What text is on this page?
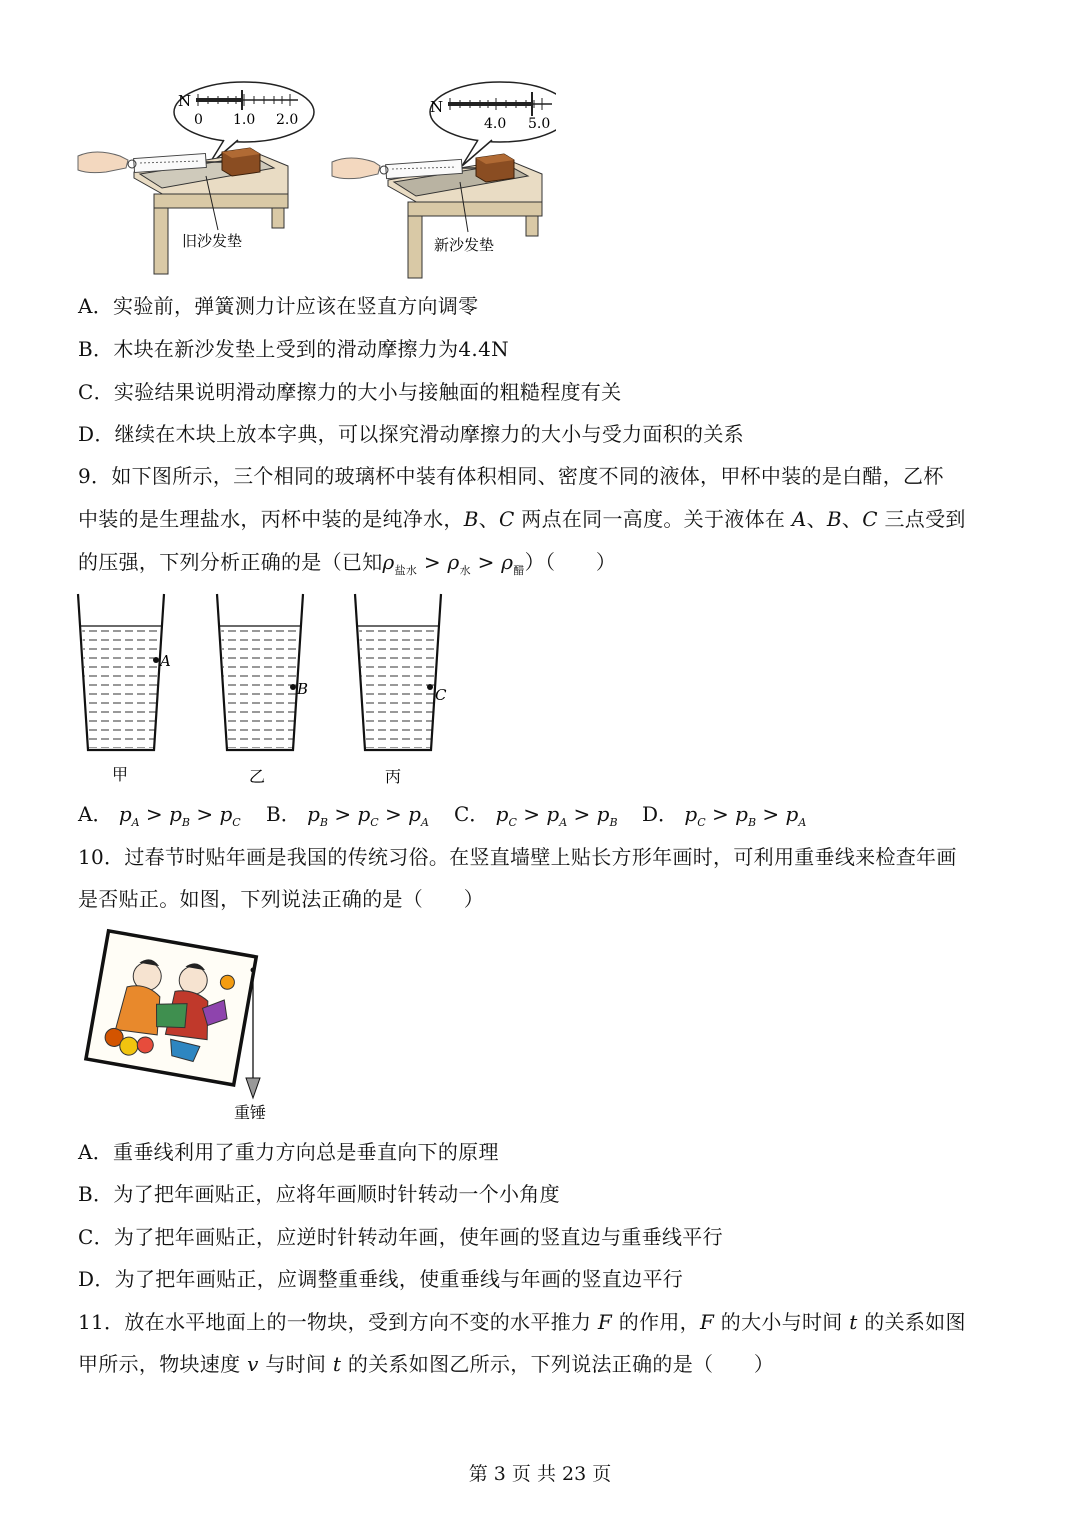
N
0 1.0 2.0
旧沙发垫
N
4.0 5.0
新沙发垫
A．实验前，弹簧测力计应该在竖直方向调零
B．木块在新沙发垫上受到的滑动摩擦力为4.4N
C．实验结果说明滑动摩擦力的大小与接触面的粗糙程度有关
D．继续在木块上放本字典，可以探究滑动摩擦力的大小与受力面积的关系
9．如下图所示，三个相同的玻璃杯中装有体积相同、密度不同的液体，甲杯中装的是白醋，乙杯
中装的是生理盐水，丙杯中装的是纯净水，B、C 两点在同一高度。关于液体在 A、B、C 三点受到
的压强，下列分析正确的是（已知$\rho_{盐水} > \rho_水 > \rho_醋$）（　　）
A
甲
B
乙
C
丙
A． $p_A > p_B > p_C$ B． $p_B > p_C > p_A$ C． $p_C > p_A > p_B$ D． $p_C > p_B > p_A$
10．过春节时贴年画是我国的传统习俗。在竖直墙壁上贴长方形年画时，可利用重垂线来检查年画
是否贴正。如图，下列说法正确的是（　　）
重锤
A．重垂线利用了重力方向总是垂直向下的原理
B．为了把年画贴正，应将年画顺时针转动一个小角度
C．为了把年画贴正，应逆时针转动年画，使年画的竖直边与重垂线平行
D．为了把年画贴正，应调整重垂线，使重垂线与年画的竖直边平行
11．放在水平地面上的一物块，受到方向不变的水平推力 F 的作用，F 的大小与时间 t 的关系如图
甲所示，物块速度 v 与时间 t 的关系如图乙所示，下列说法正确的是（　　）
第 3 页 共 23 页
